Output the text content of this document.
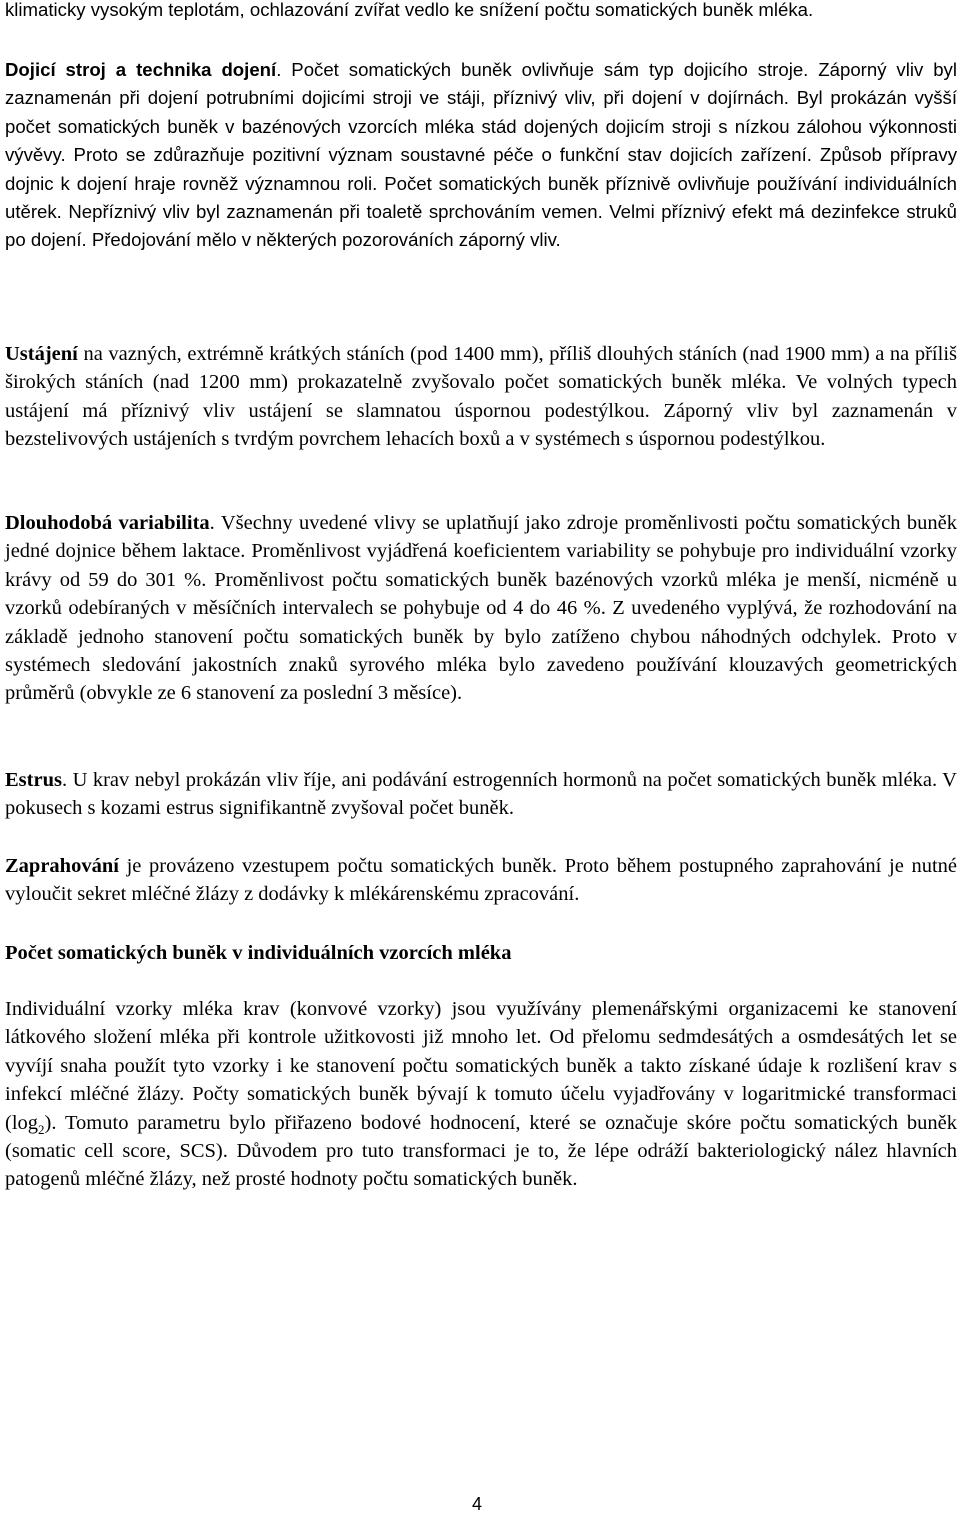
klimaticky vysokým teplotám, ochlazování zvířat vedlo ke snížení počtu somatických buněk mléka.

Dojicí stroj a technika dojení. Počet somatických buněk ovlivňuje sám typ dojicího stroje. Záporný vliv byl zaznamenán při dojení potrubními dojicími stroji ve stáji, příznivý vliv, při dojení v dojírnách. Byl prokázán vyšší počet somatických buněk v bazénových vzorcích mléka stád dojených dojicím stroji s nízkou zálohou výkonnosti vývěvy. Proto se zdůrazňuje pozitivní význam soustavné péče o funkční stav dojicích zařízení. Způsob přípravy dojnic k dojení hraje rovněž významnou roli. Počet somatických buněk příznivě ovlivňuje používání individuálních utěrek. Nepříznivý vliv byl zaznamenán při toaletě sprchováním vemen. Velmi příznivý efekt má dezinfekce struků po dojení. Předojování mělo v některých pozorováních záporný vliv.

Ustájení na vazných, extrémně krátkých stáních (pod 1400 mm), příliš dlouhých stáních (nad 1900 mm) a na příliš širokých stáních (nad 1200 mm) prokazatelně zvyšovalo počet somatických buněk mléka. Ve volných typech ustájení má příznivý vliv ustájení se slamnatou úspornou podestýlkou. Záporný vliv byl zaznamenán v bezstelivových ustájeních s tvrdým povrchem lehacích boxů a v systémech s úspornou podestýlkou.

Dlouhodobá variabilita. Všechny uvedené vlivy se uplatňují jako zdroje proměnlivosti počtu somatických buněk jedné dojnice během laktace. Proměnlivost vyjádřená koeficientem variability se pohybuje pro individuální vzorky krávy od 59 do 301 %. Proměnlivost počtu somatických buněk bazénových vzorků mléka je menší, nicméně u vzorků odebíraných v měsíčních intervalech se pohybuje od 4 do 46 %. Z uvedeného vyplývá, že rozhodování na základě jednoho stanovení počtu somatických buněk by bylo zatíženo chybou náhodných odchylek. Proto v systémech sledování jakostních znaků syrového mléka bylo zavedeno používání klouzavých geometrických průměrů (obvykle ze 6 stanovení za poslední 3 měsíce).

Estrus. U krav nebyl prokázán vliv říje, ani podávání estrogenních hormonů na počet somatických buněk mléka. V pokusech s kozami estrus signifikantně zvyšoval počet buněk.

Zaprahování je provázeno vzestupem počtu somatických buněk. Proto během postupného zaprahování je nutné vyloučit sekret mléčné žlázy z dodávky k mlékárenskému zpracování.

Počet somatických buněk v individuálních vzorcích mléka

Individuální vzorky mléka krav (konvové vzorky) jsou využívány plemenářskými organizacemi ke stanovení látkového složení mléka při kontrole užitkovosti již mnoho let. Od přelomu sedmdesátých a osmdesátých let se vyvíjí snaha použít tyto vzorky i ke stanovení počtu somatických buněk a takto získané údaje k rozlišení krav s infekcí mléčné žlázy. Počty somatických buněk bývají k tomuto účelu vyjadřovány v logaritmické transformaci $(\log_2)$. Tomuto parametru bylo přiřazeno bodové hodnocení, které se označuje skóre počtu somatických buněk (somatic cell score, SCS). Důvodem pro tuto transformaci je to, že lépe odráží bakteriologický nález hlavních patogenů mléčné žlázy, než prosté hodnoty počtu somatických buněk.

4
